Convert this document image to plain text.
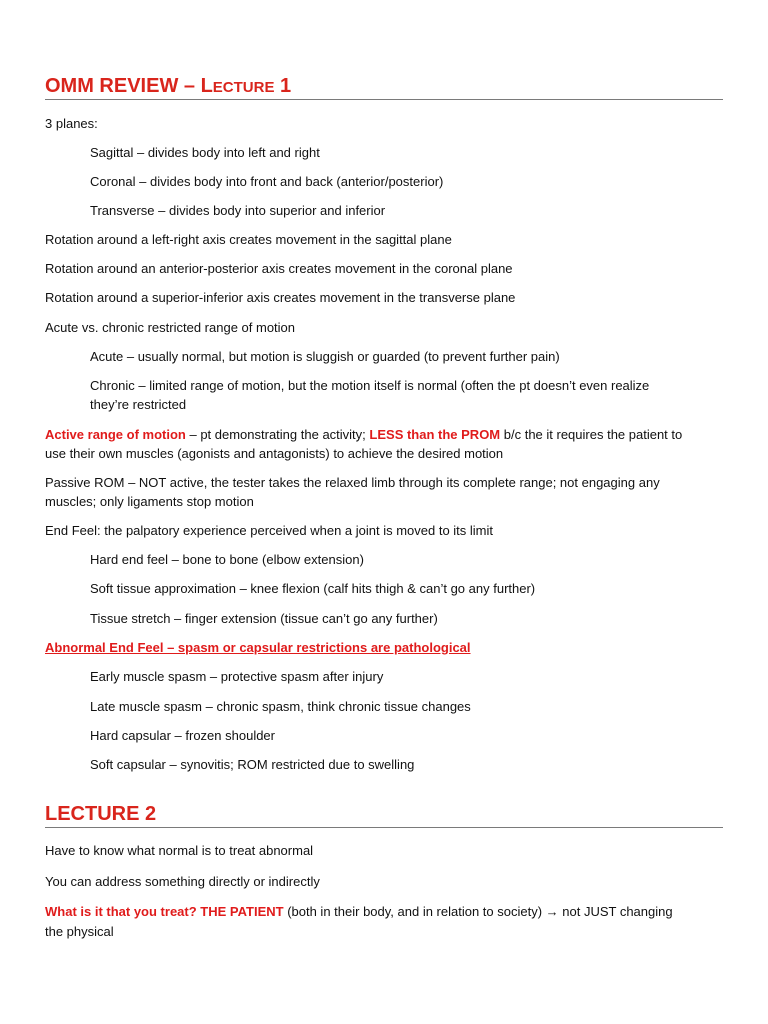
OMM REVIEW – LECTURE 1
3 planes:
Sagittal – divides body into left and right
Coronal – divides body into front and back (anterior/posterior)
Transverse – divides body into superior and inferior
Rotation around a left-right axis creates movement in the sagittal plane
Rotation around an anterior-posterior axis creates movement in the coronal plane
Rotation around a superior-inferior axis creates movement in the transverse plane
Acute vs. chronic restricted range of motion
Acute – usually normal, but motion is sluggish or guarded (to prevent further pain)
Chronic – limited range of motion, but the motion itself is normal (often the pt doesn’t even realize
they’re restricted
Active range of motion – pt demonstrating the activity; LESS than the PROM b/c the it requires the patient to
use their own muscles (agonists and antagonists) to achieve the desired motion
Passive ROM – NOT active, the tester takes the relaxed limb through its complete range; not engaging any
muscles; only ligaments stop motion
End Feel: the palpatory experience perceived when a joint is moved to its limit
Hard end feel – bone to bone (elbow extension)
Soft tissue approximation – knee flexion (calf hits thigh & can’t go any further)
Tissue stretch – finger extension (tissue can’t go any further)
Abnormal End Feel – spasm or capsular restrictions are pathological
Early muscle spasm – protective spasm after injury
Late muscle spasm – chronic spasm, think chronic tissue changes
Hard capsular – frozen shoulder
Soft capsular – synovitis; ROM restricted due to swelling
LECTURE 2
Have to know what normal is to treat abnormal
You can address something directly or indirectly
What is it that you treat? THE PATIENT (both in their body, and in relation to society) → not JUST changing
the physical
